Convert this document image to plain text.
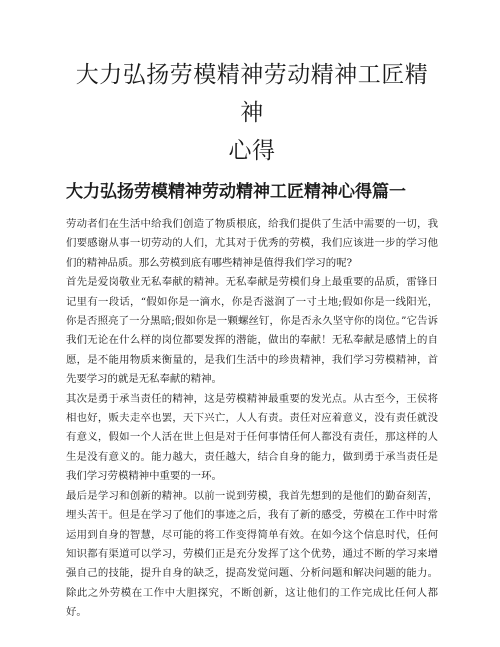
大力弘扬劳模精神劳动精神工匠精神
心得
大力弘扬劳模精神劳动精神工匠精神心得篇一

劳动者们在生活中给我们创造了物质根底，给我们提供了生活中需要的一切，我们要感谢从事一切劳动的人们，尤其对于优秀的劳模，我们应该进一步的学习他们的精神品质。那么劳模到底有哪些精神是值得我们学习的呢?

首先是爱岗敬业无私奉献的精神。无私奉献是劳模们身上最重要的品质，雷锋日记里有一段话，“假如你是一滴水，你是否滋润了一寸土地;假如你是一线阳光，你是否照亮了一分黑暗;假如你是一颗螺丝钉，你是否永久坚守你的岗位。”它告诉我们无论在什么样的岗位都要发挥的潜能，做出的奉献！无私奉献是感情上的自愿，是不能用物质来衡量的，是我们生活中的珍贵精神，我们学习劳模精神，首先要学习的就是无私奉献的精神。

其次是勇于承当责任的精神，这是劳模精神最重要的发光点。从古至今，王侯将相也好，贩夫走卒也罢，天下兴亡，人人有责。责任对应着意义，没有责任就没有意义，假如一个人活在世上但是对于任何事情任何人都没有责任，那这样的人生是没有意义的。能力越大，责任越大，结合自身的能力，做到勇于承当责任是我们学习劳模精神中重要的一环。

最后是学习和创新的精神。以前一说到劳模，我首先想到的是他们的勤奋刻苦，埋头苦干。但是在学习了他们的事迹之后，我有了新的感受，劳模在工作中时常运用到自身的智慧，尽可能的将工作变得简单有效。在如今这个信息时代，任何知识都有渠道可以学习，劳模们正是充分发挥了这个优势，通过不断的学习来增强自己的技能，提升自身的缺乏，提高发觉问题、分析问题和解决问题的能力。除此之外劳模在工作中大胆探究，不断创新，这让他们的工作完成比任何人都好。
